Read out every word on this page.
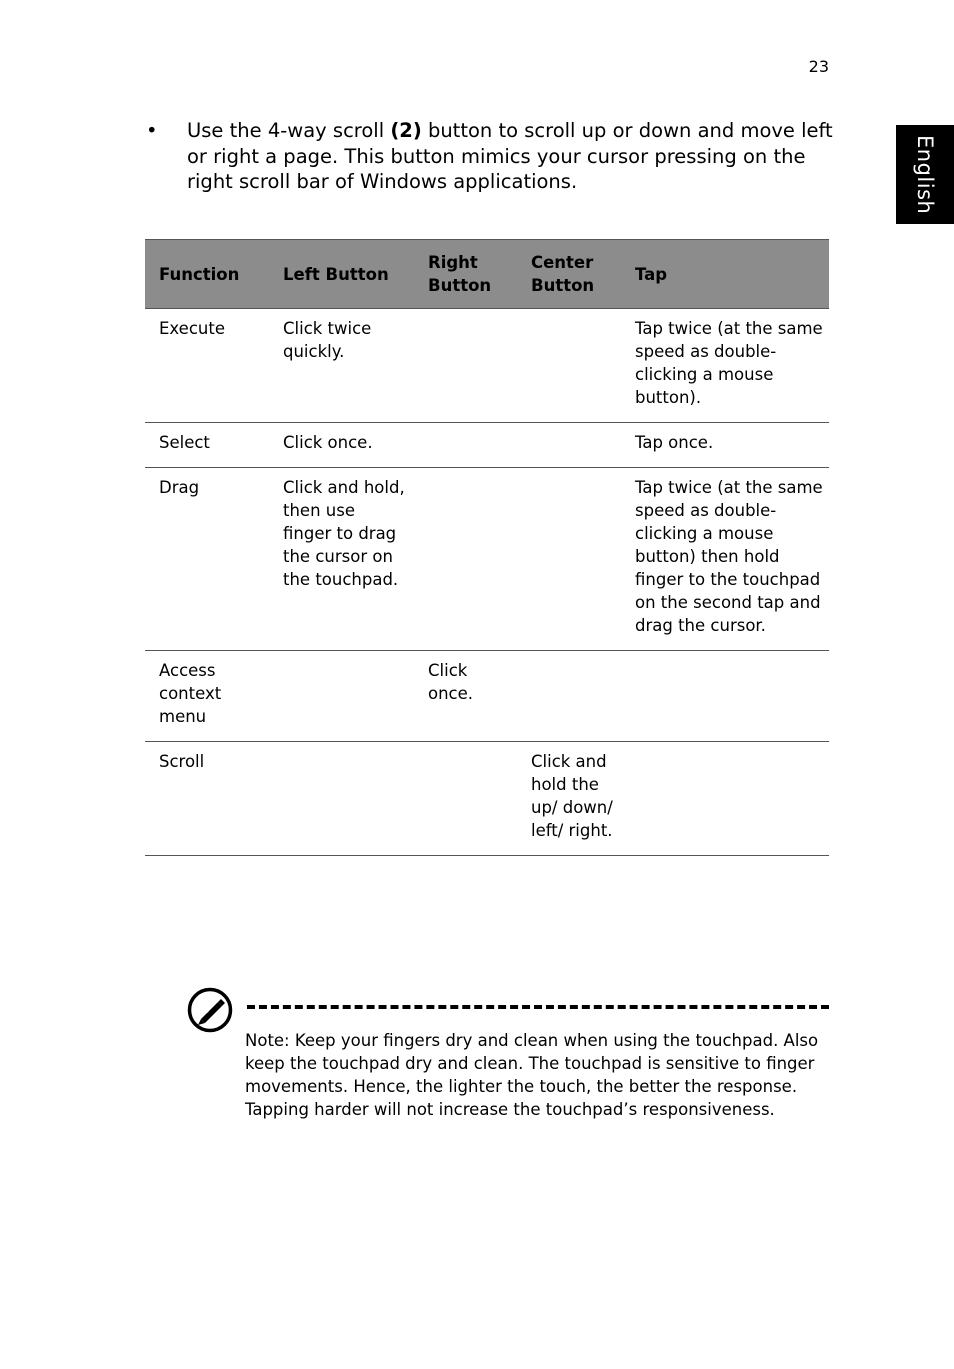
23
English
• Use the 4-way scroll (2) button to scroll up or down and move left or right a page. This button mimics your cursor pressing on the right scroll bar of Windows applications.
Function	Left Button	Right Button	Center Button	Tap
Execute	Click twice quickly.			Tap twice (at the same speed as double-clicking a mouse button).
Select	Click once.			Tap once.
Drag	Click and hold, then use finger to drag the cursor on the touchpad.			Tap twice (at the same speed as double-clicking a mouse button) then hold finger to the touchpad on the second tap and drag the cursor.
Access context menu		Click once.		
Scroll			Click and hold the up/ down/ left/ right.	
Note: Keep your fingers dry and clean when using the touchpad. Also keep the touchpad dry and clean. The touchpad is sensitive to finger movements. Hence, the lighter the touch, the better the response. Tapping harder will not increase the touchpad’s responsiveness.
